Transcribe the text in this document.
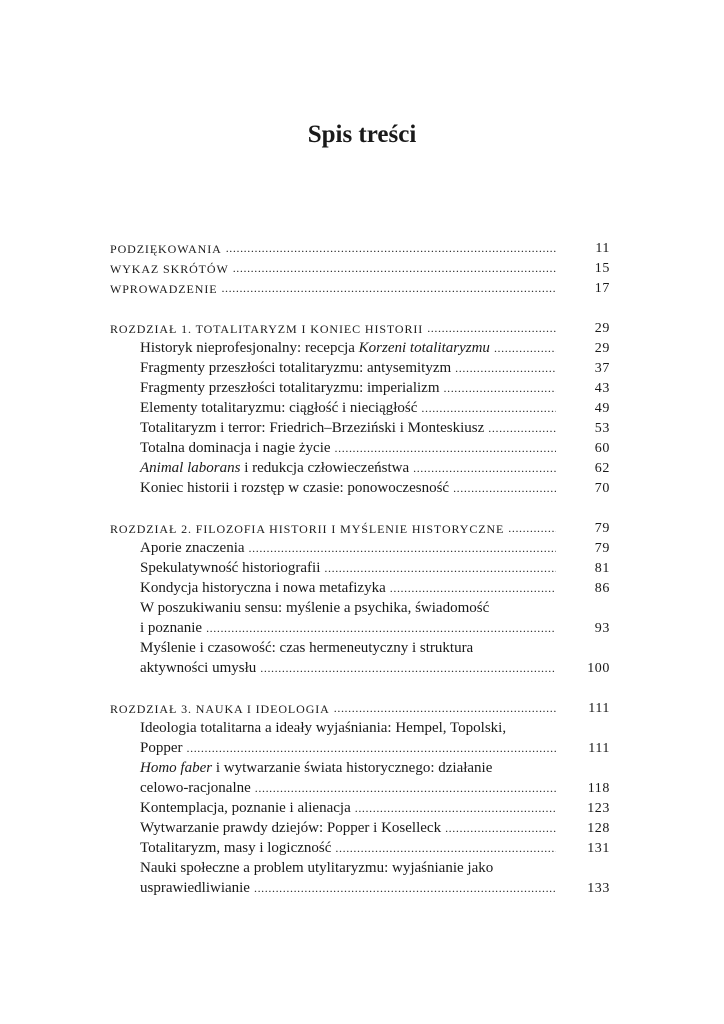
Spis treści
PODZIĘKOWANIA .....	11
WYKAZ SKRÓTÓW .....	15
WPROWADZENIE .....	17
ROZDZIAŁ 1. TOTALITARYZM I KONIEC HISTORII .....	29
Historyk nieprofesjonalny: recepcja Korzeni totalitaryzmu .....	29
Fragmenty przeszłości totalitaryzmu: antysemityzm .....	37
Fragmenty przeszłości totalitaryzmu: imperializm .....	43
Elementy totalitaryzmu: ciągłość i nieciągłość .....	49
Totalitaryzm i terror: Friedrich–Brzeziński i Monteskiusz .....	53
Totalna dominacja i nagie życie .....	60
Animal laborans i redukcja człowieczeństwa .....	62
Koniec historii i rozstęp w czasie: ponowoczesność .....	70
ROZDZIAŁ 2. FILOZOFIA HISTORII I MYŚLENIE HISTORYCZNE .....	79
Aporie znaczenia .....	79
Spekulatywność historiografii .....	81
Kondycja historyczna i nowa metafizyka .....	86
W poszukiwaniu sensu: myślenie a psychika, świadomość
i poznanie .....	93
Myślenie i czasowość: czas hermeneutyczny i struktura
aktywności umysłu .....	100
ROZDZIAŁ 3. NAUKA I IDEOLOGIA .....	111
Ideologia totalitarna a ideały wyjaśniania: Hempel, Topolski,
Popper .....	111
Homo faber i wytwarzanie świata historycznego: działanie
celowo-racjonalne .....	118
Kontemplacja, poznanie i alienacja .....	123
Wytwarzanie prawdy dziejów: Popper i Koselleck .....	128
Totalitaryzm, masy i logiczność .....	131
Nauki społeczne a problem utylitaryzmu: wyjaśnianie jako
usprawiedliwianie .....	133
